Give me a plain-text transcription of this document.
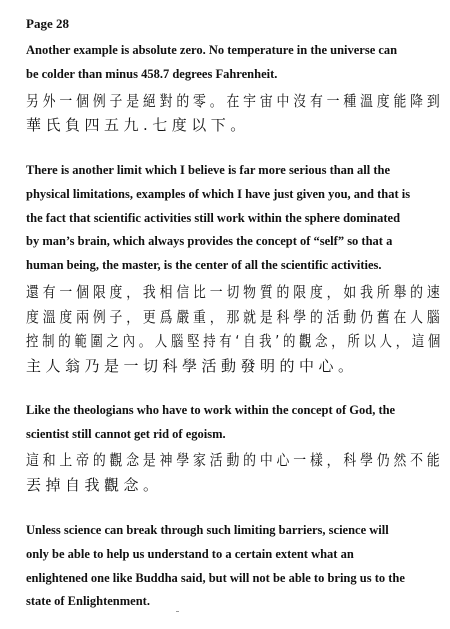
Page 28
Another example is absolute zero. No temperature in the universe can
be colder than minus 458.7 degrees Fahrenheit.
另外一個例子是絕對的零。在宇宙中沒有一種溫度能降到
華氏負四五九.七度以下。
There is another limit which I believe is far more serious than all the
physical limitations, examples of which I have just given you, and that is
the fact that scientific activities still work within the sphere dominated
by man’s brain, which always provides the concept of “self” so that a
human being, the master, is the center of all the scientific activities.
還有一個限度，我相信比一切物質的限度，如我所舉的速
度溫度兩例子，更爲嚴重，那就是科學的活動仍舊在人腦
控制的範圍之內。人腦堅持有‘自我’的觀念，所以人，這個
主人翁乃是一切科學活動發明的中心。
Like the theologians who have to work within the concept of God, the
scientist still cannot get rid of egoism.
這和上帝的觀念是神學家活動的中心一樣，科學仍然不能
丟掉自我觀念。
Unless science can break through such limiting barriers, science will
only be able to help us understand to a certain extent what an
enlightened one like Buddha said, but will not be able to bring us to the
state of Enlightenment.
